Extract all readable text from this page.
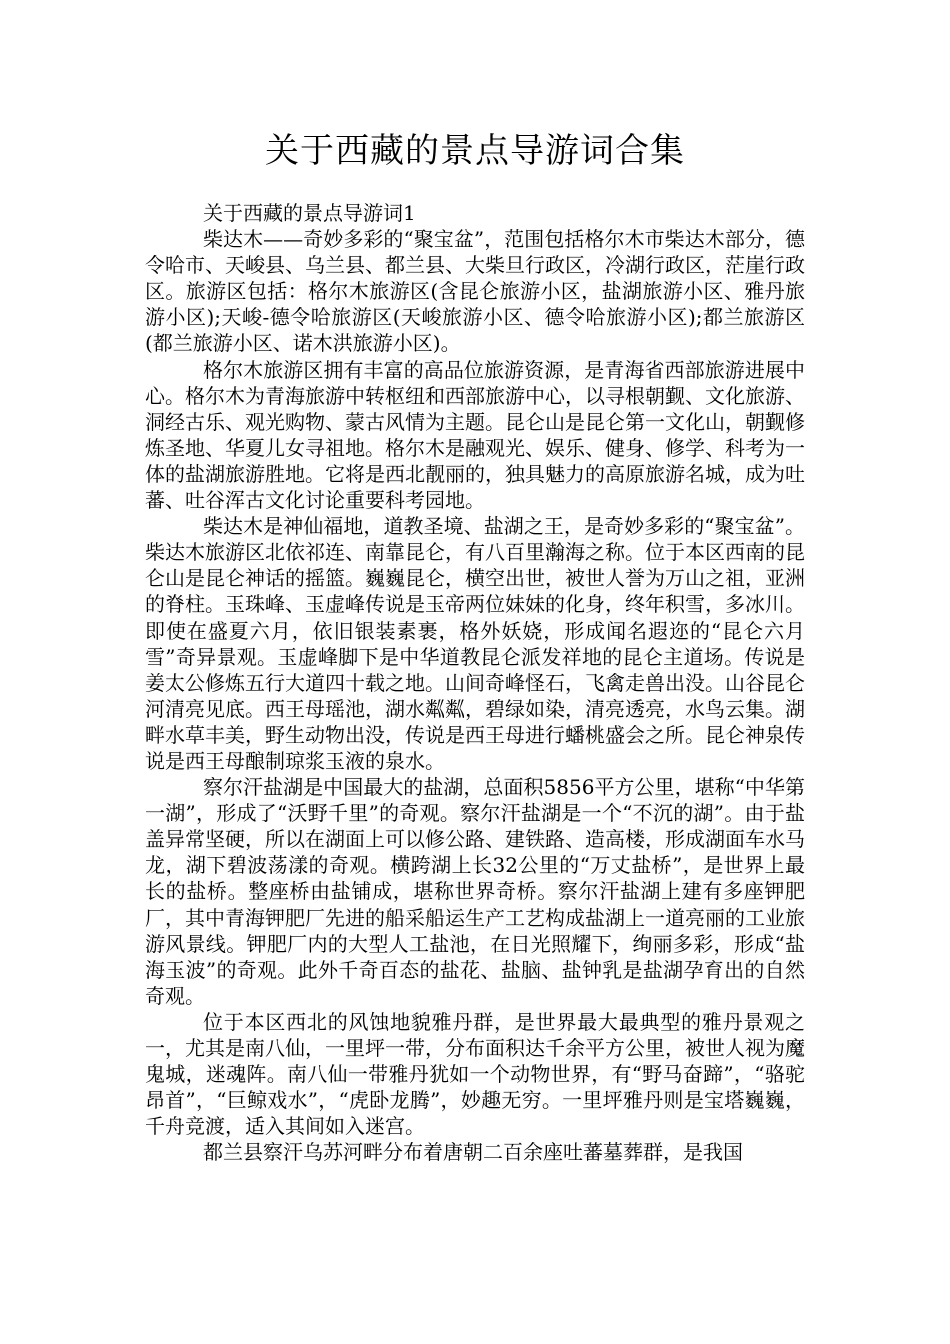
关于西藏的景点导游词合集

关于西藏的景点导游词1

柴达木——奇妙多彩的“聚宝盆”，范围包括格尔木市柴达木部分，德令哈市、天峻县、乌兰县、都兰县、大柴旦行政区，冷湖行政区，茫崖行政区。旅游区包括：格尔木旅游区(含昆仑旅游小区，盐湖旅游小区、雅丹旅游小区);天峻-德令哈旅游区(天峻旅游小区、德令哈旅游小区);都兰旅游区(都兰旅游小区、诺木洪旅游小区)。

格尔木旅游区拥有丰富的高品位旅游资源，是青海省西部旅游进展中心。格尔木为青海旅游中转枢纽和西部旅游中心，以寻根朝觐、文化旅游、洞经古乐、观光购物、蒙古风情为主题。昆仑山是昆仑第一文化山，朝觐修炼圣地、华夏儿女寻祖地。格尔木是融观光、娱乐、健身、修学、科考为一体的盐湖旅游胜地。它将是西北靓丽的，独具魅力的高原旅游名城，成为吐蕃、吐谷浑古文化讨论重要科考园地。

柴达木是神仙福地，道教圣境、盐湖之王，是奇妙多彩的“聚宝盆”。柴达木旅游区北依祁连、南靠昆仑，有八百里瀚海之称。位于本区西南的昆仑山是昆仑神话的摇篮。巍巍昆仑，横空出世，被世人誉为万山之祖，亚洲的脊柱。玉珠峰、玉虚峰传说是玉帝两位妹妹的化身，终年积雪，多冰川。即使在盛夏六月，依旧银装素裹，格外妖娆，形成闻名遐迩的“昆仑六月雪”奇异景观。玉虚峰脚下是中华道教昆仑派发祥地的昆仑主道场。传说是姜太公修炼五行大道四十载之地。山间奇峰怪石，飞禽走兽出没。山谷昆仑河清亮见底。西王母瑶池，湖水粼粼，碧绿如染，清亮透亮，水鸟云集。湖畔水草丰美，野生动物出没，传说是西王母进行蟠桃盛会之所。昆仑神泉传说是西王母酿制琼浆玉液的泉水。

察尔汗盐湖是中国最大的盐湖，总面积5856平方公里，堪称“中华第一湖”，形成了“沃野千里”的奇观。察尔汗盐湖是一个“不沉的湖”。由于盐盖异常坚硬，所以在湖面上可以修公路、建铁路、造高楼，形成湖面车水马龙，湖下碧波荡漾的奇观。横跨湖上长32公里的“万丈盐桥”，是世界上最长的盐桥。整座桥由盐铺成，堪称世界奇桥。察尔汗盐湖上建有多座钾肥厂，其中青海钾肥厂先进的船采船运生产工艺构成盐湖上一道亮丽的工业旅游风景线。钾肥厂内的大型人工盐池，在日光照耀下，绚丽多彩，形成“盐海玉波”的奇观。此外千奇百态的盐花、盐脑、盐钟乳是盐湖孕育出的自然奇观。

位于本区西北的风蚀地貌雅丹群，是世界最大最典型的雅丹景观之一，尤其是南八仙，一里坪一带，分布面积达千余平方公里，被世人视为魔鬼城，迷魂阵。南八仙一带雅丹犹如一个动物世界，有“野马奋蹄”，“骆驼昂首”，“巨鲸戏水”，“虎卧龙腾”，妙趣无穷。一里坪雅丹则是宝塔巍巍，千舟竞渡，适入其间如入迷宫。

都兰县察汗乌苏河畔分布着唐朝二百余座吐蕃墓葬群，是我国
